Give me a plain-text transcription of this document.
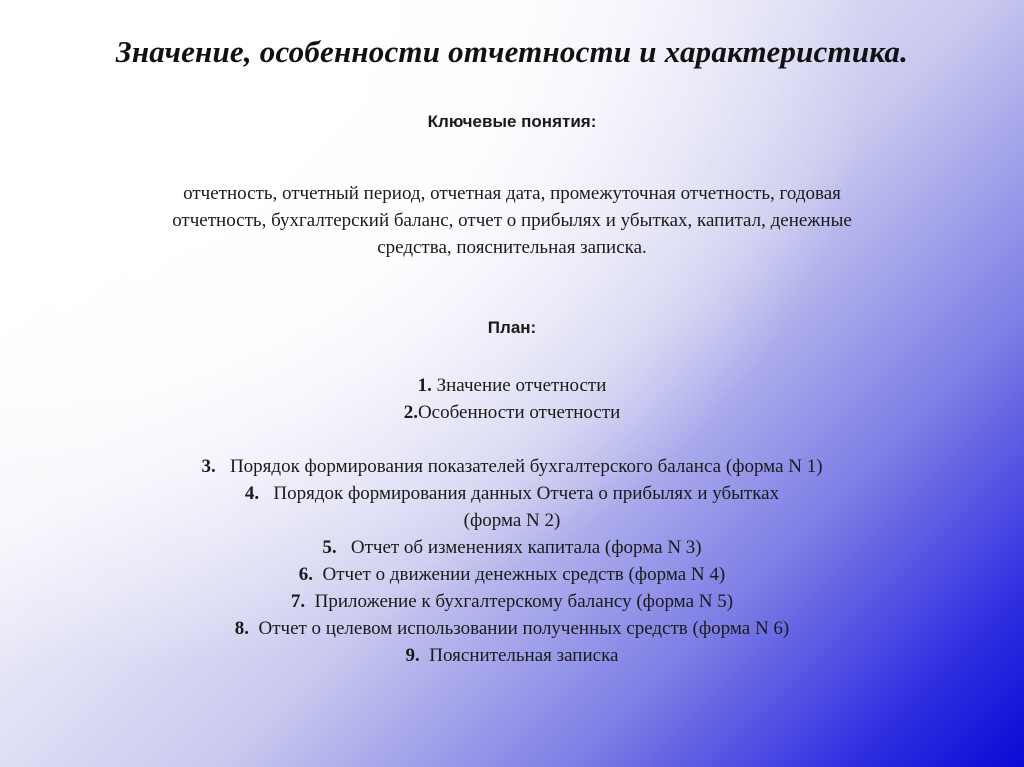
Значение, особенности отчетности и характеристика.
Ключевые понятия:
отчетность, отчетный период, отчетная дата, промежуточная отчетность, годовая
отчетность, бухгалтерский баланс, отчет о прибылях и убытках, капитал, денежные
средства, пояснительная записка.
План:
1. Значение отчетности
2.Особенности отчетности
3.   Порядок формирования показателей бухгалтерского баланса (форма N 1)
4.   Порядок формирования данных Отчета о прибылях и убытках
(форма N 2)
5.   Отчет об изменениях капитала (форма N 3)
6.  Отчет о движении денежных средств (форма N 4)
7.  Приложение к бухгалтерскому балансу (форма N 5)
8.  Отчет о целевом использовании полученных средств (форма N 6)
9.  Пояснительная записка
